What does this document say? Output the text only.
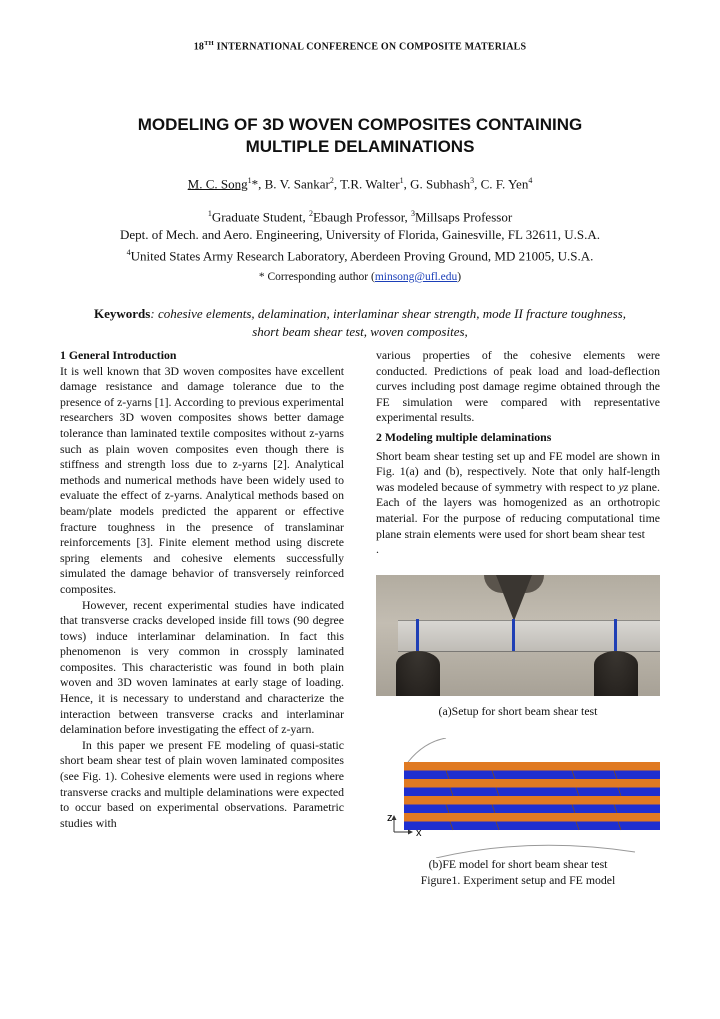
18TH INTERNATIONAL CONFERENCE ON COMPOSITE MATERIALS
MODELING OF 3D WOVEN COMPOSITES CONTAINING
MULTIPLE DELAMINATIONS
M. C. Song$^1$*, B. V. Sankar$^2$, T.R. Walter$^1$, G. Subhash$^3$, C. F. Yen$^4$
$^1$Graduate Student, $^2$Ebaugh Professor, $^3$Millsaps Professor
Dept. of Mech. and Aero. Engineering, University of Florida, Gainesville, FL 32611, U.S.A.
$^4$United States Army Research Laboratory, Aberdeen Proving Ground, MD 21005, U.S.A.
* Corresponding author (minsong@ufl.edu)
Keywords: cohesive elements, delamination, interlaminar shear strength, mode II fracture toughness, short beam shear test, woven composites,
1 General Introduction

It is well known that 3D woven composites have excellent damage resistance and damage tolerance due to the presence of z-yarns [1]. According to previous experimental researchers 3D woven composites shows better damage tolerance than laminated textile composites without z-yarns such as plain woven composites even though there is stiffness and strength loss due to z-yarns [2]. Analytical methods and numerical methods have been widely used to evaluate the effect of z-yarns. Analytical methods based on beam/plate models predicted the apparent or effective fracture toughness in the presence of translaminar reinforcements [3]. Finite element method using discrete spring elements and cohesive elements successfully simulated the damage behavior of transversely reinforced composites.

However, recent experimental studies have indicated that transverse cracks developed inside fill tows (90 degree tows) induce interlaminar delamination. In fact this phenomenon is very common in crossply laminated composites. This characteristic was found in both plain woven and 3D woven laminates at early stage of loading. Hence, it is necessary to understand and characterize the interaction between transverse cracks and interlaminar delamination before investigating the effect of z-yarn.

In this paper we present FE modeling of quasi-static short beam shear test of plain woven laminated composites (see Fig. 1). Cohesive elements were used in regions where transverse cracks and multiple delaminations were expected to occur based on experimental observations. Parametric studies with

various properties of the cohesive elements were conducted. Predictions of peak load and load-deflection curves including post damage regime obtained through the FE simulation were compared with representative experimental results.

2 Modeling multiple delaminations

Short beam shear testing set up and FE model are shown in Fig. 1(a) and (b), respectively. Note that only half-length was modeled because of symmetry with respect to yz plane. Each of the layers was homogenized as an orthotropic material. For the purpose of reducing computational time plane strain elements were used for short beam shear test

.

(a)Setup for short beam shear test
z
x
(b)FE model for short beam shear test
Figure1. Experiment setup and FE model
